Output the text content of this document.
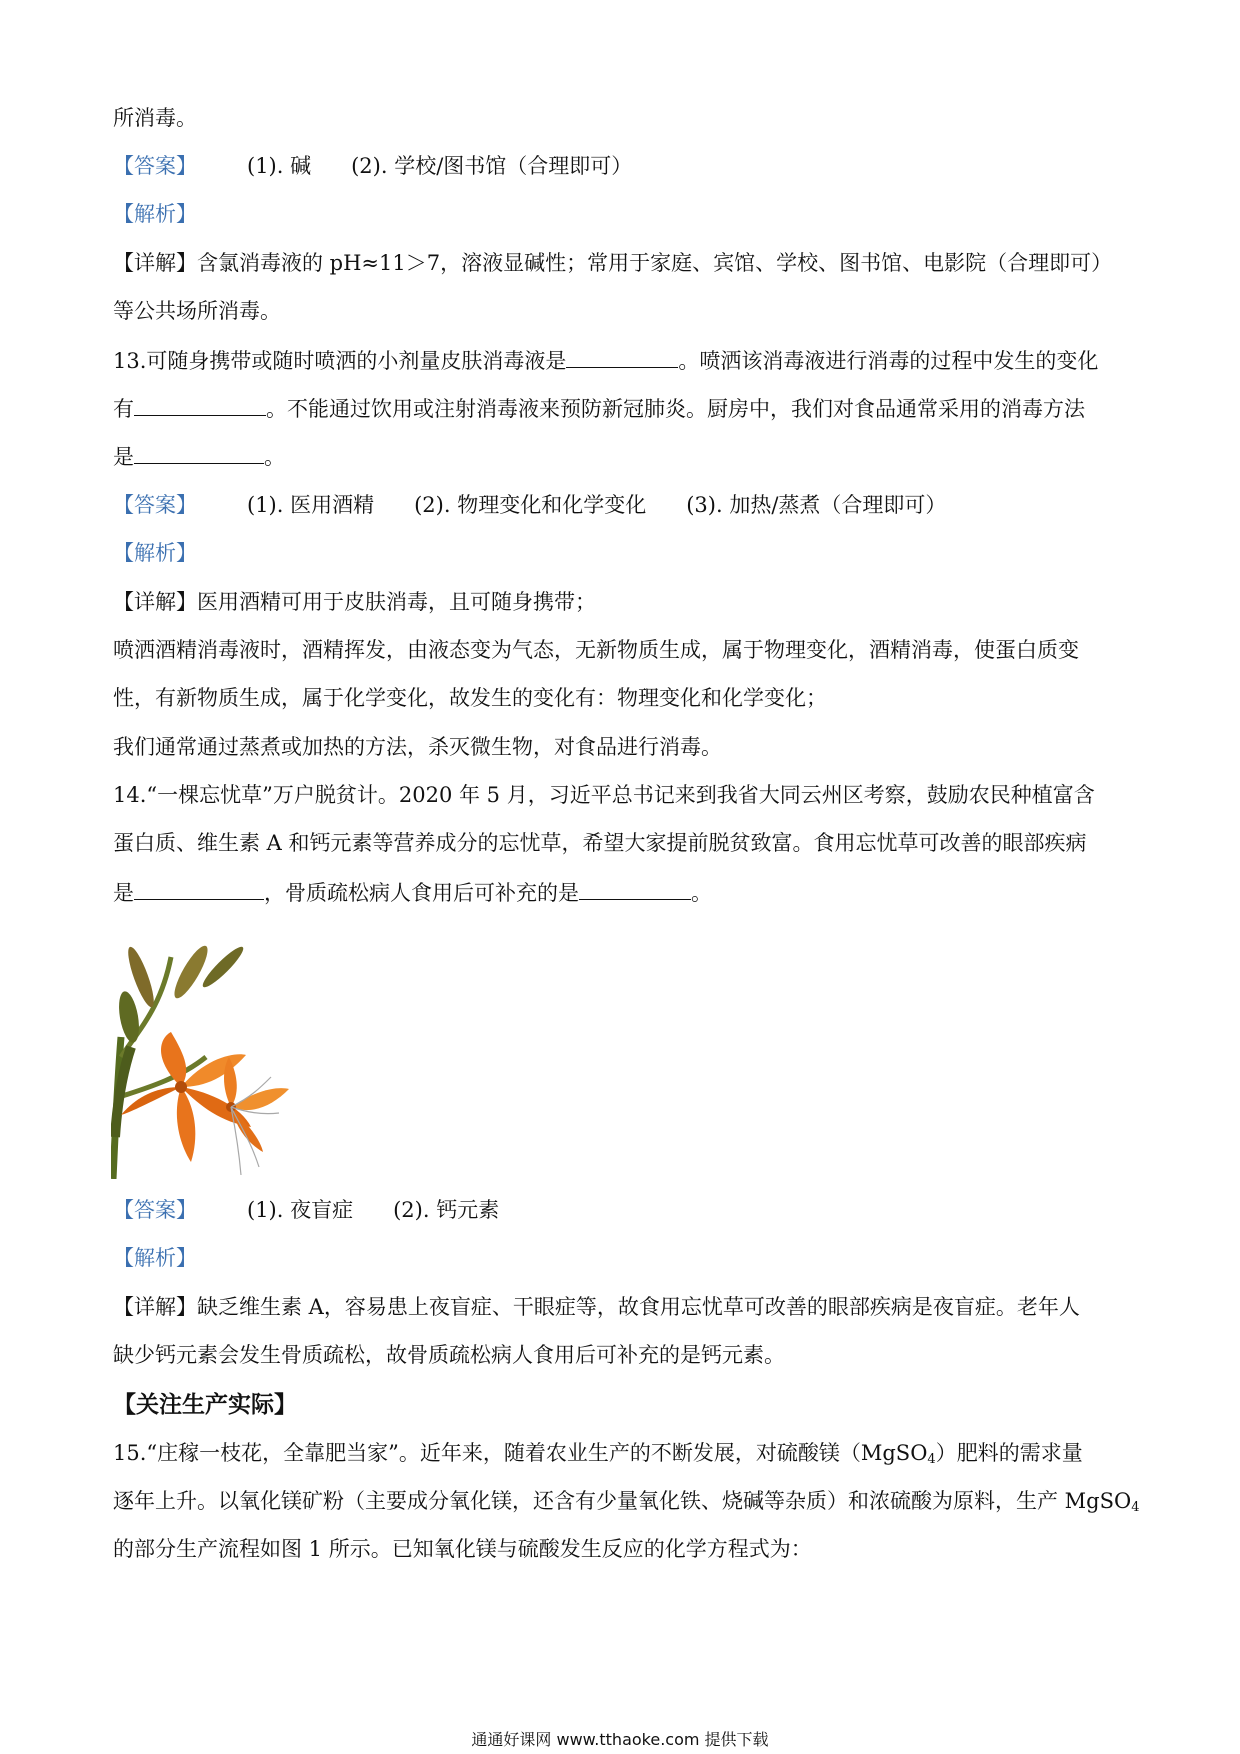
所消毒。
【答案】 (1). 碱 (2). 学校/图书馆（合理即可）
【解析】
【详解】含氯消毒液的 pH≈11＞7，溶液显碱性；常用于家庭、宾馆、学校、图书馆、电影院（合理即可）
等公共场所消毒。
13.可随身携带或随时喷洒的小剂量皮肤消毒液是	。喷洒该消毒液进行消毒的过程中发生的变化
有	。不能通过饮用或注射消毒液来预防新冠肺炎。厨房中，我们对食品通常采用的消毒方法
是	。
【答案】 (1). 医用酒精 (2). 物理变化和化学变化 (3). 加热/蒸煮（合理即可）
【解析】
【详解】医用酒精可用于皮肤消毒，且可随身携带；
喷洒酒精消毒液时，酒精挥发，由液态变为气态，无新物质生成，属于物理变化，酒精消毒，使蛋白质变
性，有新物质生成，属于化学变化，故发生的变化有：物理变化和化学变化；
我们通常通过蒸煮或加热的方法，杀灭微生物，对食品进行消毒。
14.“一棵忘忧草”万户脱贫计。2020 年 5 月，习近平总书记来到我省大同云州区考察，鼓励农民种植富含
蛋白质、维生素 A 和钙元素等营养成分的忘忧草，希望大家提前脱贫致富。食用忘忧草可改善的眼部疾病
是	，骨质疏松病人食用后可补充的是	。
【答案】 (1). 夜盲症 (2). 钙元素
【解析】
【详解】缺乏维生素 A，容易患上夜盲症、干眼症等，故食用忘忧草可改善的眼部疾病是夜盲症。老年人
缺少钙元素会发生骨质疏松，故骨质疏松病人食用后可补充的是钙元素。
【关注生产实际】
15.“庄稼一枝花，全靠肥当家”。近年来，随着农业生产的不断发展，对硫酸镁（MgSO$_4$）肥料的需求量
逐年上升。以氧化镁矿粉（主要成分氧化镁，还含有少量氧化铁、烧碱等杂质）和浓硫酸为原料，生产 MgSO$_4$
的部分生产流程如图 1 所示。已知氧化镁与硫酸发生反应的化学方程式为：
通通好课网 www.tthaoke.com 提供下载
